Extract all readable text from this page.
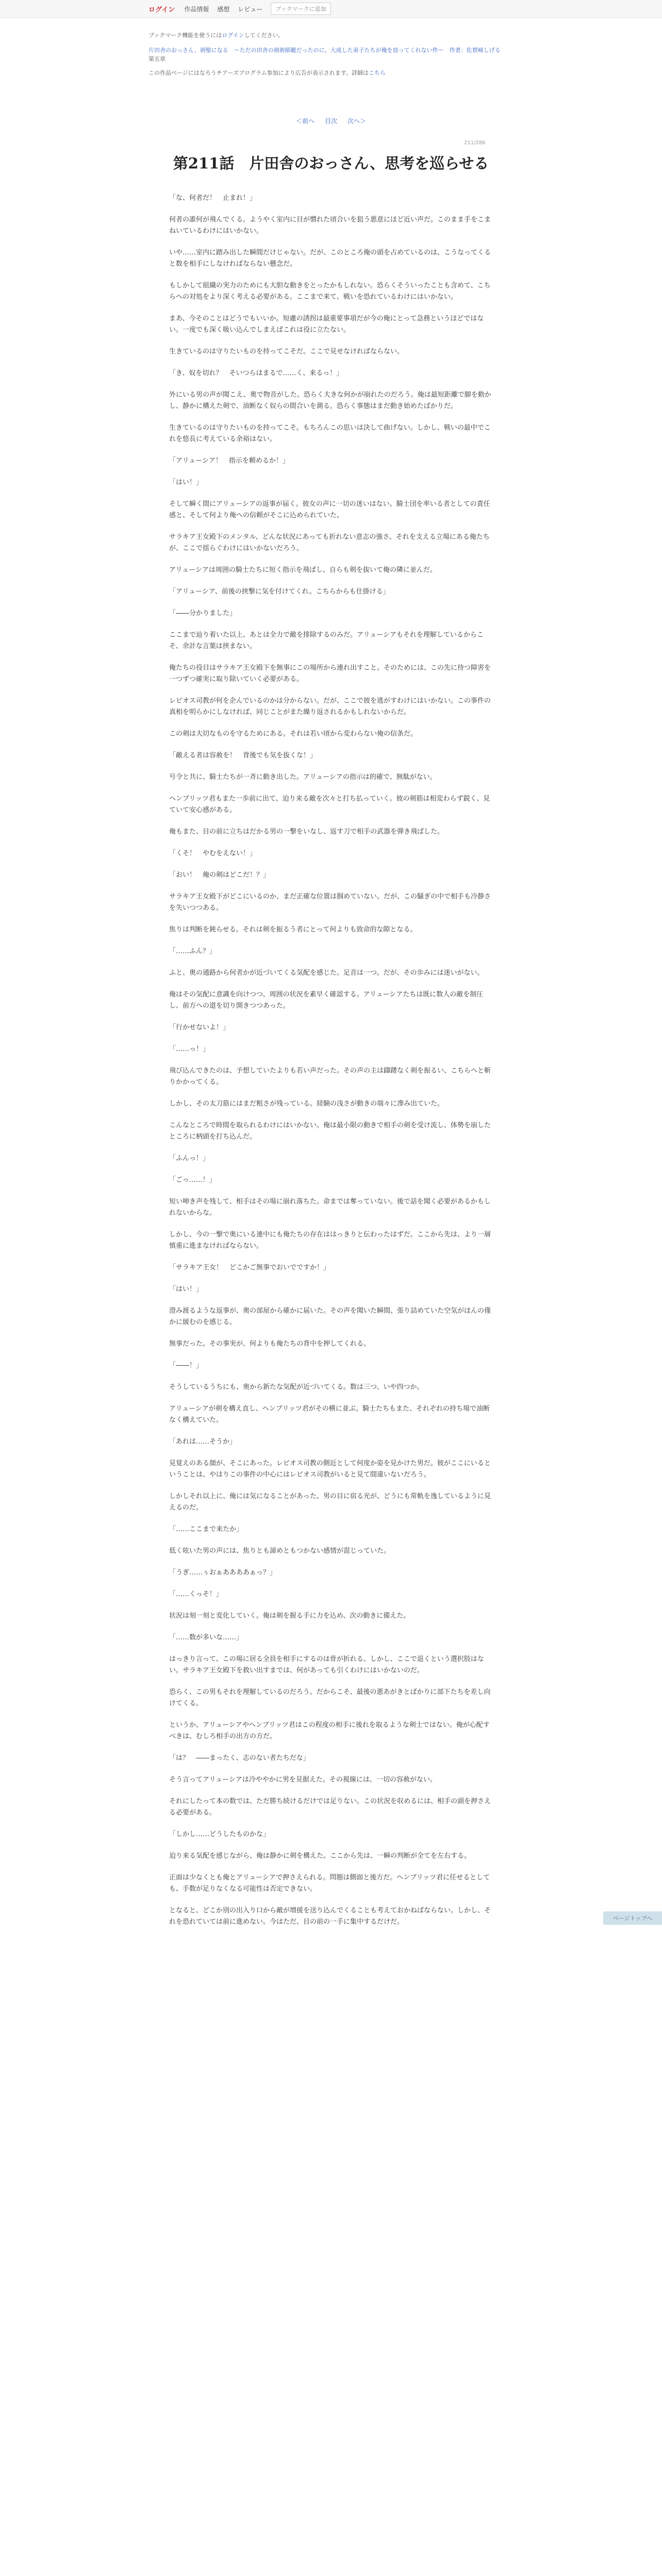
ログイン 作品情報 感想 レビュー	ブックマークに追加

ブックマーク機能を使うにはログインしてください。

片田舎のおっさん、剣聖になる　～ただの田舎の剣術師範だったのに、大成した弟子たちが俺を放ってくれない件～　作者：佐賀崎しげる

第五章

この作品ページにはなろうチアーズプログラム参加により広告が表示されます。詳細はこちら

＜前へ 目次 次へ＞
211/286
第211話　片田舎のおっさん、思考を巡らせる

「な、何者だ！　止まれ！」

何者の誰何が飛んでくる。ようやく室内に目が慣れた頃合いを狙う悪意にほど近い声だ。このまま手をこまねいているわけにはいかない。

いや……室内に踏み出した瞬間だけじゃない。だが、このところ俺の頭を占めているのは、こうなってくると数を相手にしなければならない懸念だ。

もしかして組織の実力のためにも大胆な動きをとったかもしれない。恐らくそういったことも含めて、こちらへの対処をより深く考える必要がある。ここまで来て、戦いを恐れているわけにはいかない。

まあ、今そのことはどうでもいいか。短慮の誘拐は最重要事項だが今の俺にとって急務というほどではない。一度でも深く吸い込んでしまえばこれは役に立たない。

生きているのは守りたいものを持ってこそだ。ここで見せなければならない。

「き、奴を切れ？　そいつらはまるで……く、来るっ！」

外にいる男の声が聞こえ、奥で物音がした。恐らく大きな何かが崩れたのだろう。俺は最短距離で脚を動かし、静かに構えた剣で、油断なく奴らの間合いを測る。恐らく事態はまだ動き始めたばかりだ。

生きているのは守りたいものを持ってこそ。もちろんこの思いは決して曲げない。しかし、戦いの最中でこれを悠長に考えている余裕はない。

「アリューシア！　指示を頼めるか！」

「はい！」

そして瞬く間にアリューシアの返事が届く。彼女の声に一切の迷いはない。騎士団を率いる者としての責任感と、そして何より俺への信頼がそこに込められていた。

サラキア王女殿下のメンタル、どんな状況にあっても折れない意志の強さ。それを支える立場にある俺たちが、ここで揺らぐわけにはいかないだろう。

アリューシアは周囲の騎士たちに短く指示を飛ばし、自らも剣を抜いて俺の隣に並んだ。

「アリューシア、前後の挟撃に気を付けてくれ。こちらからも仕掛ける」

「――分かりました」

ここまで辿り着いた以上、あとは全力で敵を排除するのみだ。アリューシアもそれを理解しているからこそ、余計な言葉は挟まない。

俺たちの役目はサラキア王女殿下を無事にこの場所から連れ出すこと。そのためには、この先に待つ障害を一つずつ確実に取り除いていく必要がある。

レビオス司教が何を企んでいるのかは分からない。だが、ここで彼を逃がすわけにはいかない。この事件の真相を明らかにしなければ、同じことがまた繰り返されるかもしれないからだ。

この剣は大切なものを守るためにある。それは若い頃から変わらない俺の信条だ。

「敵える者は容赦を！　背後でも気を抜くな！」

号令と共に、騎士たちが一斉に動き出した。アリューシアの指示は的確で、無駄がない。

ヘンブリッツ君もまた一歩前に出て、迫り来る敵を次々と打ち払っていく。彼の剣筋は相変わらず鋭く、見ていて安心感がある。

俺もまた、目の前に立ちはだかる男の一撃をいなし、返す刀で相手の武器を弾き飛ばした。

「くそ！　やむをえない！」

「おい！　俺の剣はどこだ！？」

サラキア王女殿下がどこにいるのか、まだ正確な位置は掴めていない。だが、この騒ぎの中で相手も冷静さを失いつつある。

焦りは判断を鈍らせる。それは剣を振るう者にとって何よりも致命的な隙となる。

「……ふん？」

ふと、奥の通路から何者かが近づいてくる気配を感じた。足音は一つ。だが、その歩みには迷いがない。

俺はその気配に意識を向けつつ、周囲の状況を素早く確認する。アリューシアたちは既に数人の敵を制圧し、前方への道を切り開きつつあった。

「行かせないよ！」

「……っ！」

飛び込んできたのは、予想していたよりも若い声だった。その声の主は躊躇なく剣を振るい、こちらへと斬りかかってくる。

しかし、その太刀筋にはまだ粗さが残っている。経験の浅さが動きの端々に滲み出ていた。

こんなところで時間を取られるわけにはいかない。俺は最小限の動きで相手の剣を受け流し、体勢を崩したところに柄頭を打ち込んだ。

「ふんっ！」

「ごっ……！」

短い呻き声を残して、相手はその場に崩れ落ちた。命までは奪っていない。後で話を聞く必要があるかもしれないからな。

しかし、今の一撃で奥にいる連中にも俺たちの存在ははっきりと伝わったはずだ。ここから先は、より一層慎重に進まなければならない。

「サラキア王女！　どこかご無事でおいでですか！」

「はい！」

澄み渡るような返事が、奥の部屋から確かに届いた。その声を聞いた瞬間、張り詰めていた空気がほんの僅かに緩むのを感じる。

無事だった。その事実が、何よりも俺たちの背中を押してくれる。

「――！」

そうしているうちにも、奥から新たな気配が近づいてくる。数は三つ、いや四つか。

アリューシアが剣を構え直し、ヘンブリッツ君がその横に並ぶ。騎士たちもまた、それぞれの持ち場で油断なく構えていた。

「あれは……そうか」

見覚えのある顔が、そこにあった。レビオス司教の側近として何度か姿を見かけた男だ。彼がここにいるということは、やはりこの事件の中心にはレビオス司教がいると見て間違いないだろう。

しかしそれ以上に、俺には気になることがあった。男の目に宿る光が、どうにも常軌を逸しているように見えるのだ。

「……ここまで来たか」

低く呟いた男の声には、焦りとも諦めともつかない感情が混じっていた。

「うぎ……ぅおぁああああぁっ？」

「……くっそ！」

状況は刻一刻と変化していく。俺は剣を握る手に力を込め、次の動きに備えた。

「……数が多いな……」

はっきり言って、この場に居る全員を相手にするのは骨が折れる。しかし、ここで退くという選択肢はない。サラキア王女殿下を救い出すまでは、何があっても引くわけにはいかないのだ。

恐らく、この男もそれを理解しているのだろう。だからこそ、最後の悪あがきとばかりに部下たちを差し向けてくる。

というか、アリューシアやヘンブリッツ君はこの程度の相手に後れを取るような剣士ではない。俺が心配すべきは、むしろ相手の出方の方だ。

「は？　――まったく、志のない者たちだな」

そう言ってアリューシアは冷ややかに男を見据えた。その視線には、一切の容赦がない。

それにしたって本の数では、ただ勝ち続けるだけでは足りない。この状況を収めるには、相手の頭を押さえる必要がある。

「しかし……どうしたものかな」

迫り来る気配を感じながら、俺は静かに剣を構えた。ここから先は、一瞬の判断が全てを左右する。

正面は少なくとも俺とアリューシアで押さえられる。問題は側面と後方だ。ヘンブリッツ君に任せるとしても、手数が足りなくなる可能性は否定できない。

となると、どこか別の出入り口から敵が増援を送り込んでくることも考えておかねばならない。しかし、それを恐れていては前に進めない。今はただ、目の前の一手に集中するだけだ。	ページトップへ
